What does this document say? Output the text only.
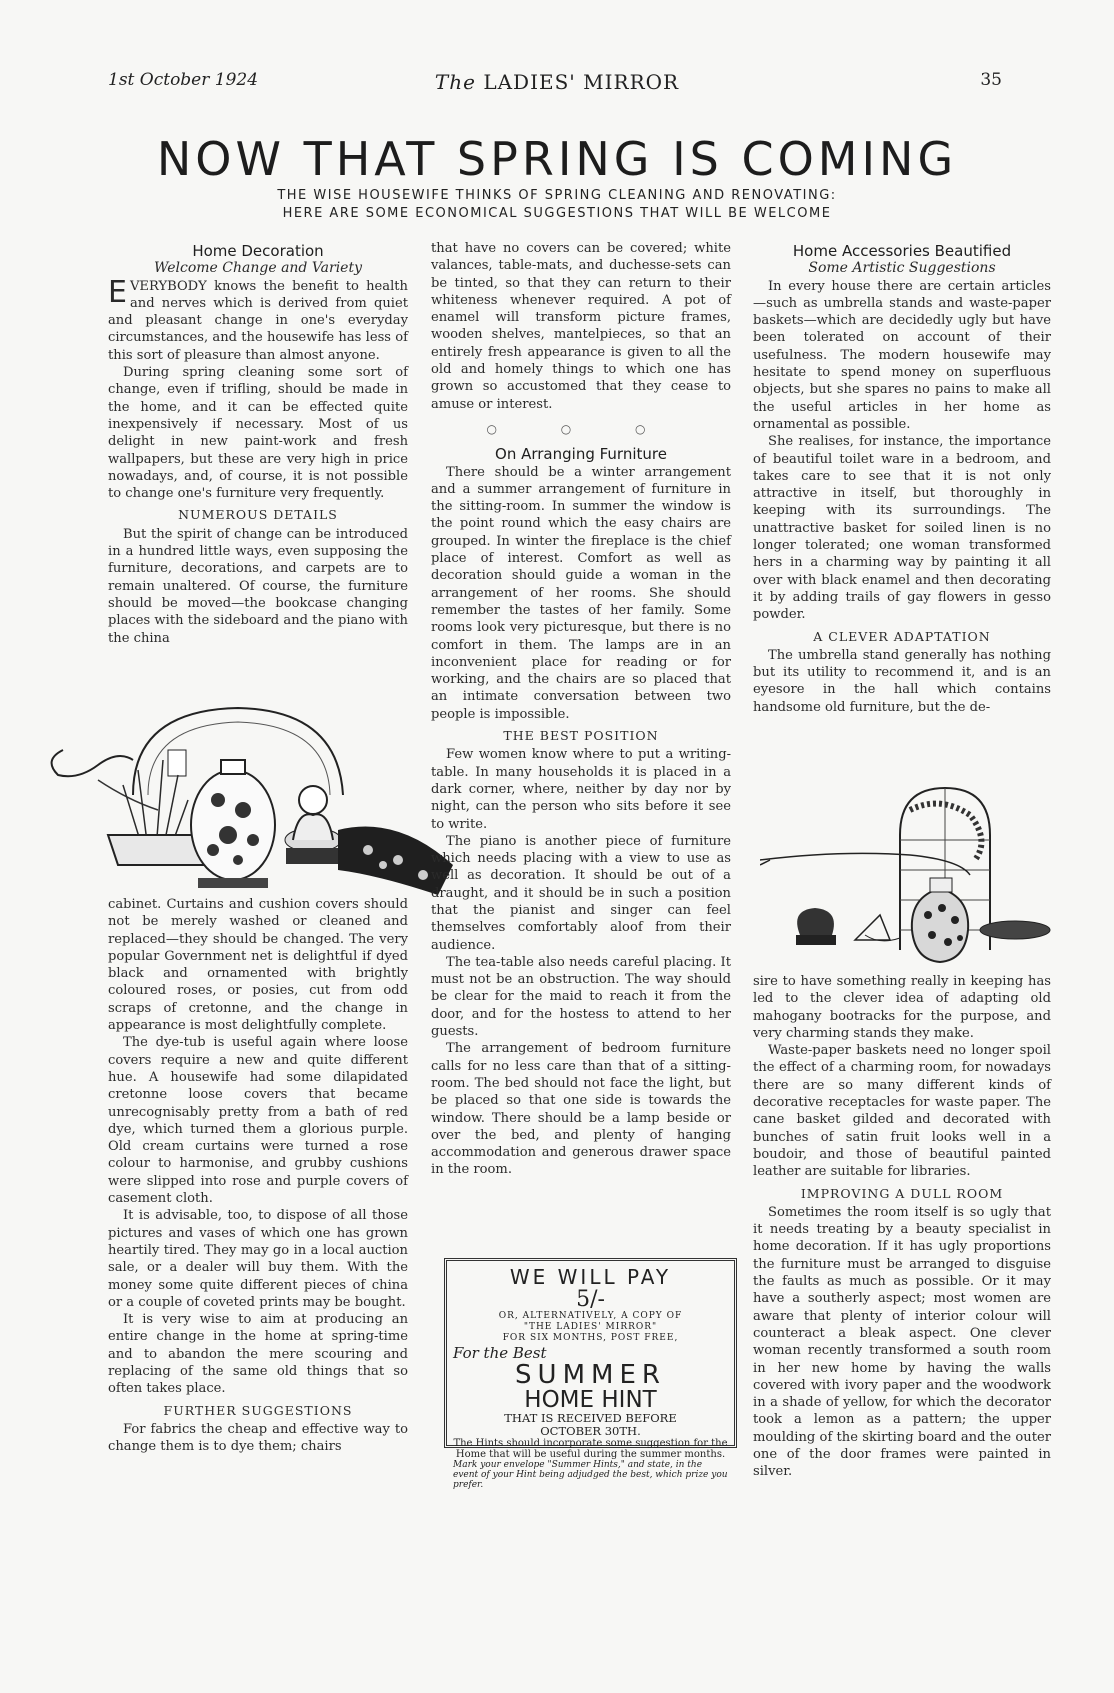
1st October 1924	The LADIES' MIRROR	35
NOW THAT SPRING IS COMING
THE WISE HOUSEWIFE THINKS OF SPRING CLEANING AND RENOVATING:
HERE ARE SOME ECONOMICAL SUGGESTIONS THAT WILL BE WELCOME
Home Decoration
Welcome Change and Variety

EVERYBODY knows the benefit to health and nerves which is derived from quiet and pleasant change in one's everyday circumstances, and the housewife has less of this sort of pleasure than almost anyone.

During spring cleaning some sort of change, even if trifling, should be made in the home, and it can be effected quite inexpensively if necessary. Most of us delight in new paint-work and fresh wallpapers, but these are very high in price nowadays, and, of course, it is not possible to change one's furniture very frequently.

NUMEROUS DETAILS

But the spirit of change can be introduced in a hundred little ways, even supposing the furniture, decorations, and carpets are to remain unaltered. Of course, the furniture should be moved—the bookcase changing places with the sideboard and the piano with the china

cabinet. Curtains and cushion covers should not be merely washed or cleaned and replaced—they should be changed. The very popular Government net is delightful if dyed black and ornamented with brightly coloured roses, or posies, cut from odd scraps of cretonne, and the change in appearance is most delightfully complete.

The dye-tub is useful again where loose covers require a new and quite different hue. A housewife had some dilapidated cretonne loose covers that became unrecognisably pretty from a bath of red dye, which turned them a glorious purple. Old cream curtains were turned a rose colour to harmonise, and grubby cushions were slipped into rose and purple covers of casement cloth.

It is advisable, too, to dispose of all those pictures and vases of which one has grown heartily tired. They may go in a local auction sale, or a dealer will buy them. With the money some quite different pieces of china or a couple of coveted prints may be bought.

It is very wise to aim at producing an entire change in the home at spring-time and to abandon the mere scouring and replacing of the same old things that so often takes place.

FURTHER SUGGESTIONS

For fabrics the cheap and effective way to change them is to dye them; chairs

that have no covers can be covered; white valances, table-mats, and duchesse-sets can be tinted, so that they can return to their whiteness whenever required. A pot of enamel will transform picture frames, wooden shelves, mantelpieces, so that an entirely fresh appearance is given to all the old and homely things to which one has grown so accustomed that they cease to amuse or interest.

○ ○ ○
On Arranging Furniture

There should be a winter arrangement and a summer arrangement of furniture in the sitting-room. In summer the window is the point round which the easy chairs are grouped. In winter the fireplace is the chief place of interest. Comfort as well as decoration should guide a woman in the arrangement of her rooms. She should remember the tastes of her family. Some rooms look very picturesque, but there is no comfort in them. The lamps are in an inconvenient place for reading or for working, and the chairs are so placed that an intimate conversation between two people is impossible.

THE BEST POSITION

Few women know where to put a writing-table. In many households it is placed in a dark corner, where, neither by day nor by night, can the person who sits before it see to write.

The piano is another piece of furniture which needs placing with a view to use as well as decoration. It should be out of a draught, and it should be in such a position that the pianist and singer can feel themselves comfortably aloof from their audience.

The tea-table also needs careful placing. It must not be an obstruction. The way should be clear for the maid to reach it from the door, and for the hostess to attend to her guests.

The arrangement of bedroom furniture calls for no less care than that of a sitting-room. The bed should not face the light, but be placed so that one side is towards the window. There should be a lamp beside or over the bed, and plenty of hanging accommodation and generous drawer space in the room.

WE WILL PAY
5/-
OR, ALTERNATIVELY, A COPY OF
"THE LADIES' MIRROR"
FOR SIX MONTHS, POST FREE,
For the Best
SUMMER
HOME HINT
THAT IS RECEIVED BEFORE
OCTOBER 30TH.
The Hints should incorporate some suggestion for the Home that will be useful during the summer months.
Mark your envelope "Summer Hints," and state, in the event of your Hint being adjudged the best, which prize you prefer.
Home Accessories Beautified
Some Artistic Suggestions

In every house there are certain articles —such as umbrella stands and waste-paper baskets—which are decidedly ugly but have been tolerated on account of their usefulness. The modern housewife may hesitate to spend money on superfluous objects, but she spares no pains to make all the useful articles in her home as ornamental as possible.

She realises, for instance, the importance of beautiful toilet ware in a bedroom, and takes care to see that it is not only attractive in itself, but thoroughly in keeping with its surroundings. The unattractive basket for soiled linen is no longer tolerated; one woman transformed hers in a charming way by painting it all over with black enamel and then decorating it by adding trails of gay flowers in gesso powder.

A CLEVER ADAPTATION

The umbrella stand generally has nothing but its utility to recommend it, and is an eyesore in the hall which contains handsome old furniture, but the de-

sire to have something really in keeping has led to the clever idea of adapting old mahogany bootracks for the purpose, and very charming stands they make.

Waste-paper baskets need no longer spoil the effect of a charming room, for nowadays there are so many different kinds of decorative receptacles for waste paper. The cane basket gilded and decorated with bunches of satin fruit looks well in a boudoir, and those of beautiful painted leather are suitable for libraries.

IMPROVING A DULL ROOM

Sometimes the room itself is so ugly that it needs treating by a beauty specialist in home decoration. If it has ugly proportions the furniture must be arranged to disguise the faults as much as possible. Or it may have a southerly aspect; most women are aware that plenty of interior colour will counteract a bleak aspect. One clever woman recently transformed a south room in her new home by having the walls covered with ivory paper and the woodwork in a shade of yellow, for which the decorator took a lemon as a pattern; the upper moulding of the skirting board and the outer one of the door frames were painted in silver.
